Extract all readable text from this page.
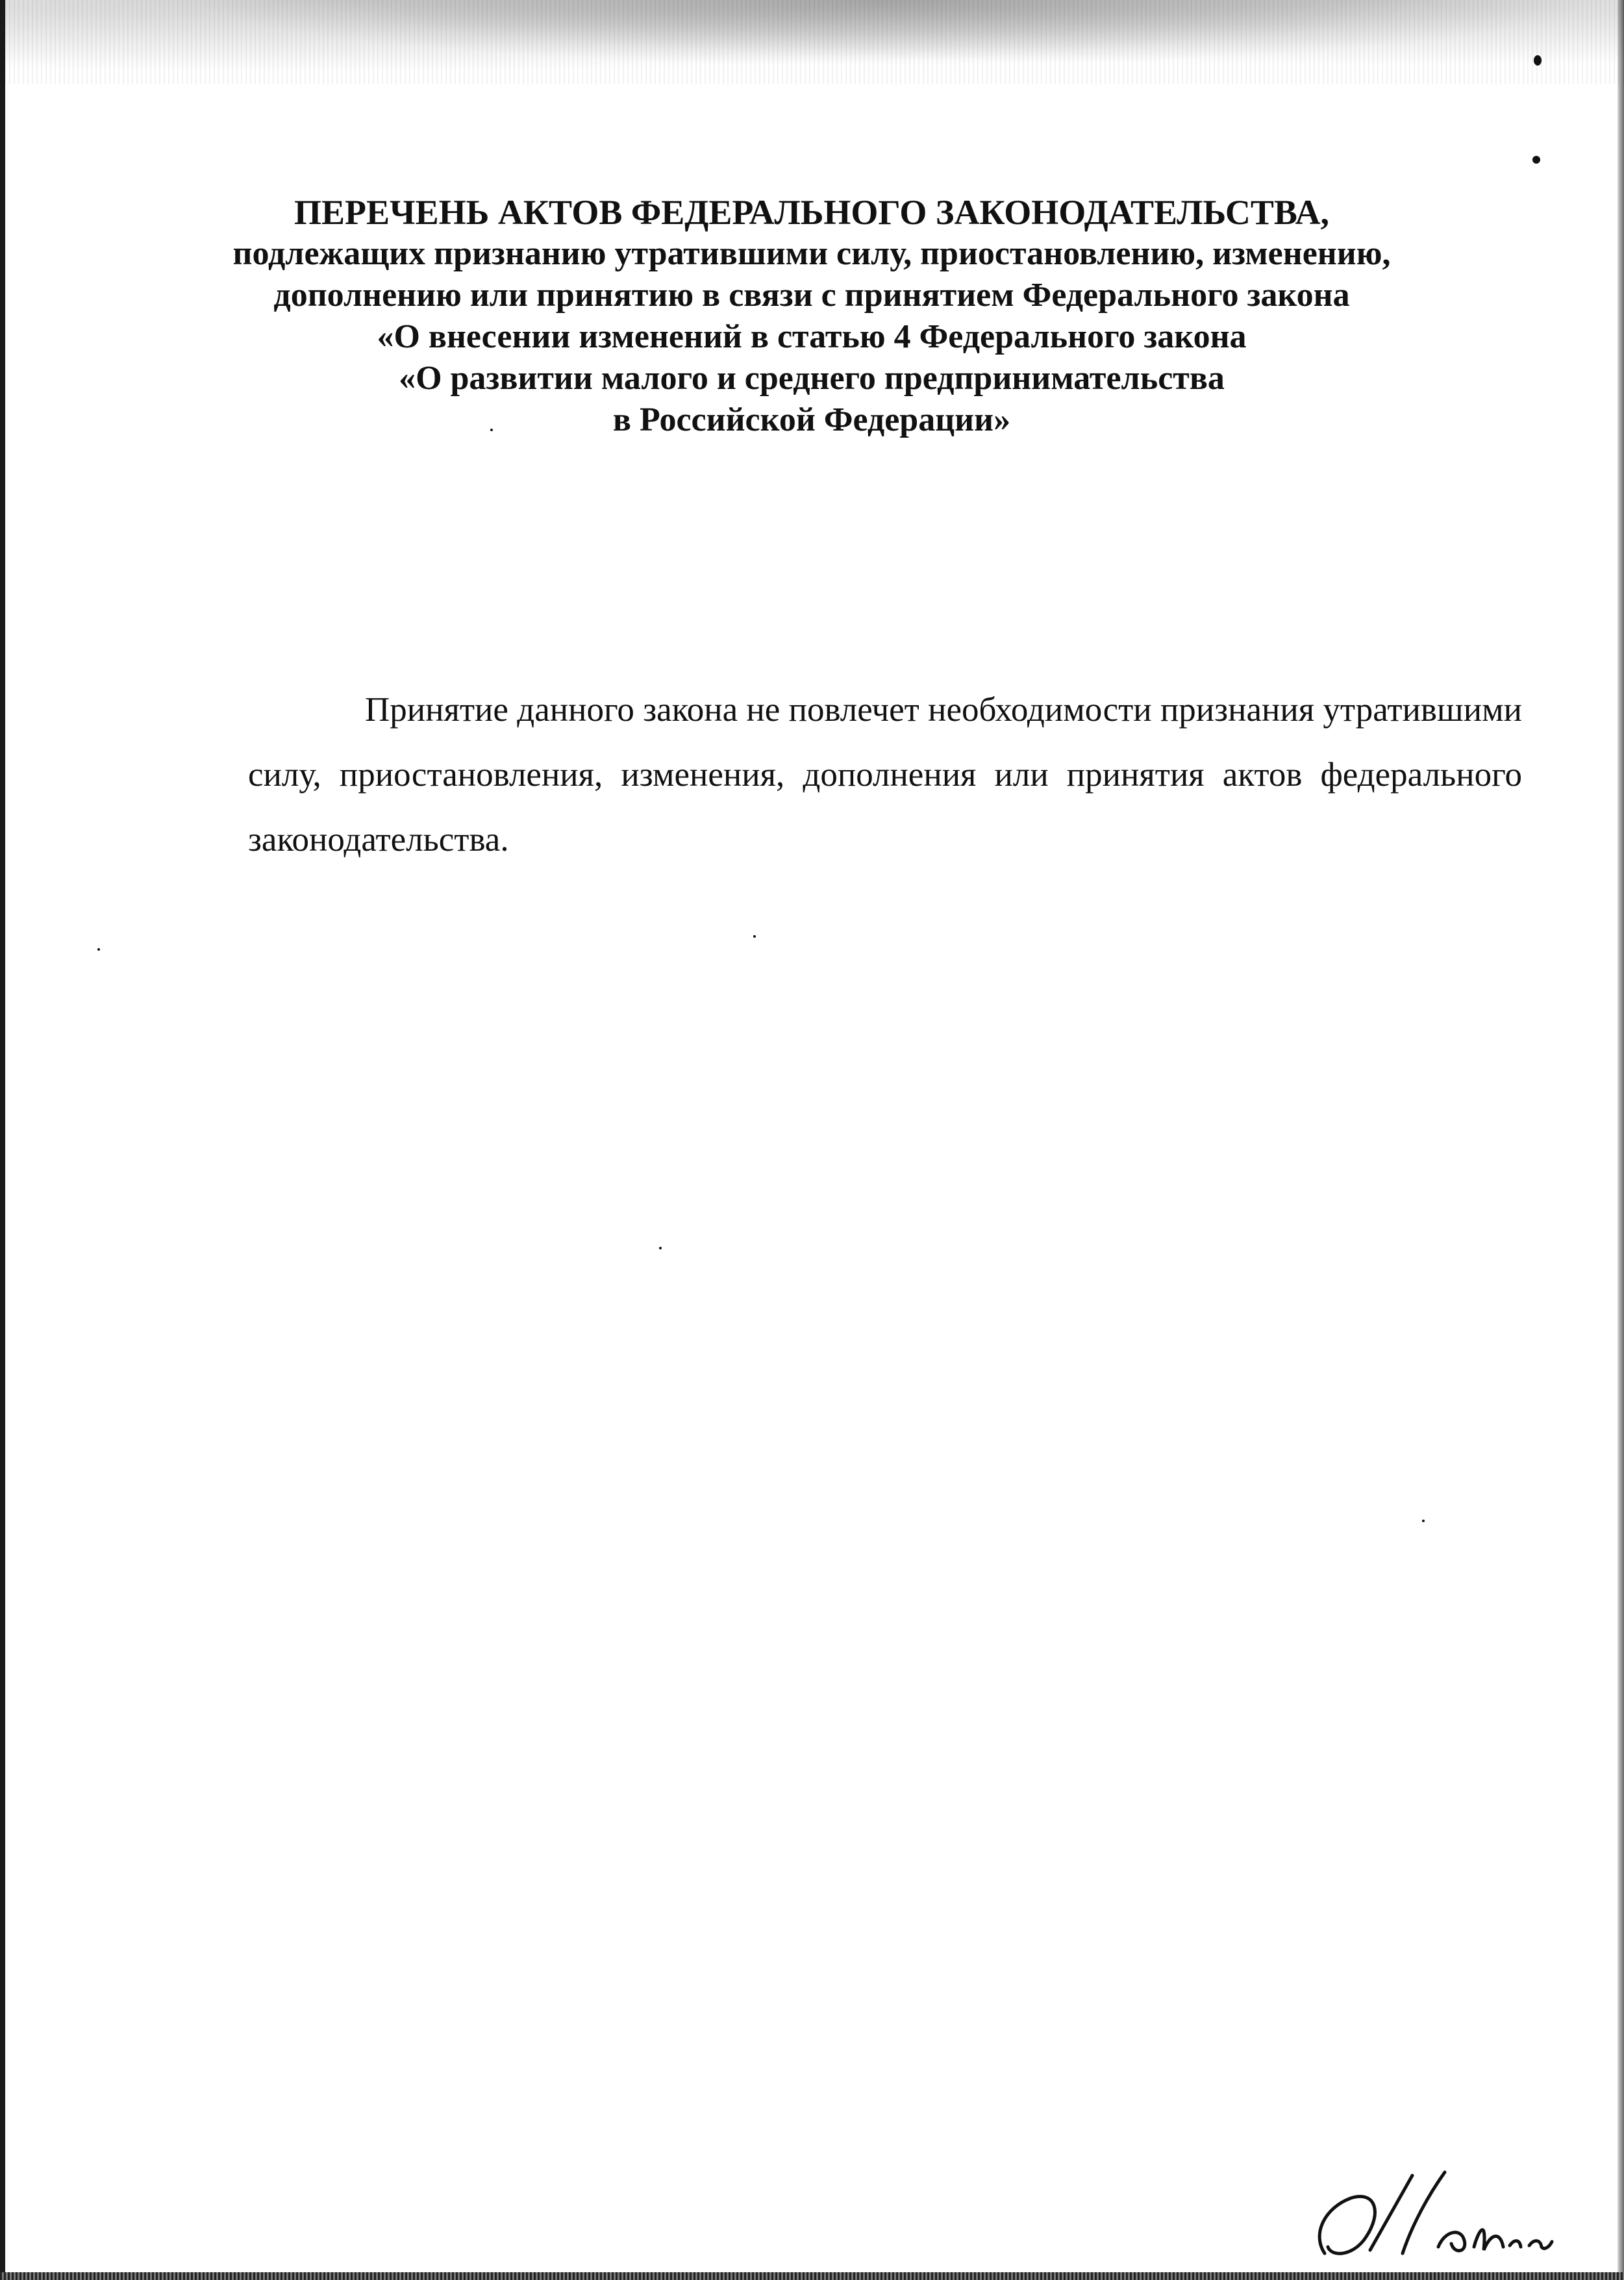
ПЕРЕЧЕНЬ АКТОВ ФЕДЕРАЛЬНОГО ЗАКОНОДАТЕЛЬСТВА,
подлежащих признанию утратившими силу, приостановлению, изменению,
дополнению или принятию в связи с принятием Федерального закона
«О внесении изменений в статью 4 Федерального закона
«О развитии малого и среднего предпринимательства
в Российской Федерации»

Принятие данного закона не повлечет необходимости признания утратившими силу, приостановления, изменения, дополнения или принятия актов федерального законодательства.
